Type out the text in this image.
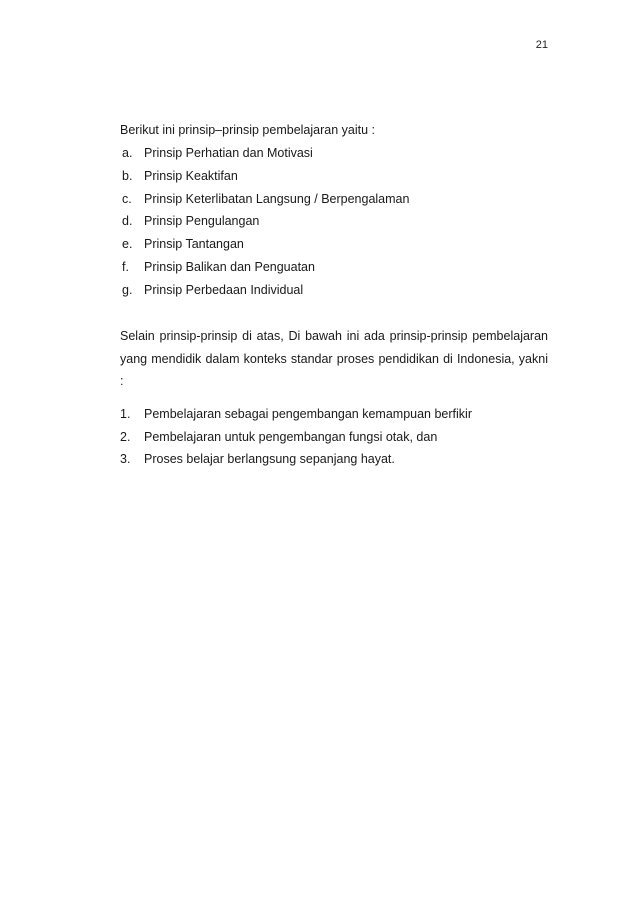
21

Berikut ini prinsip–prinsip pembelajaran yaitu :

a. Prinsip Perhatian dan Motivasi
b. Prinsip Keaktifan
c. Prinsip Keterlibatan Langsung / Berpengalaman
d. Prinsip Pengulangan
e. Prinsip Tantangan
f.	Prinsip Balikan dan Penguatan
g. Prinsip Perbedaan Individual

Selain prinsip-prinsip di atas, Di bawah ini ada prinsip-prinsip pembelajaran yang mendidik dalam konteks standar proses pendidikan di Indonesia, yakni :

1.	Pembelajaran sebagai pengembangan kemampuan berfikir
2.	Pembelajaran untuk pengembangan fungsi otak, dan
3.	Proses belajar berlangsung sepanjang hayat.
